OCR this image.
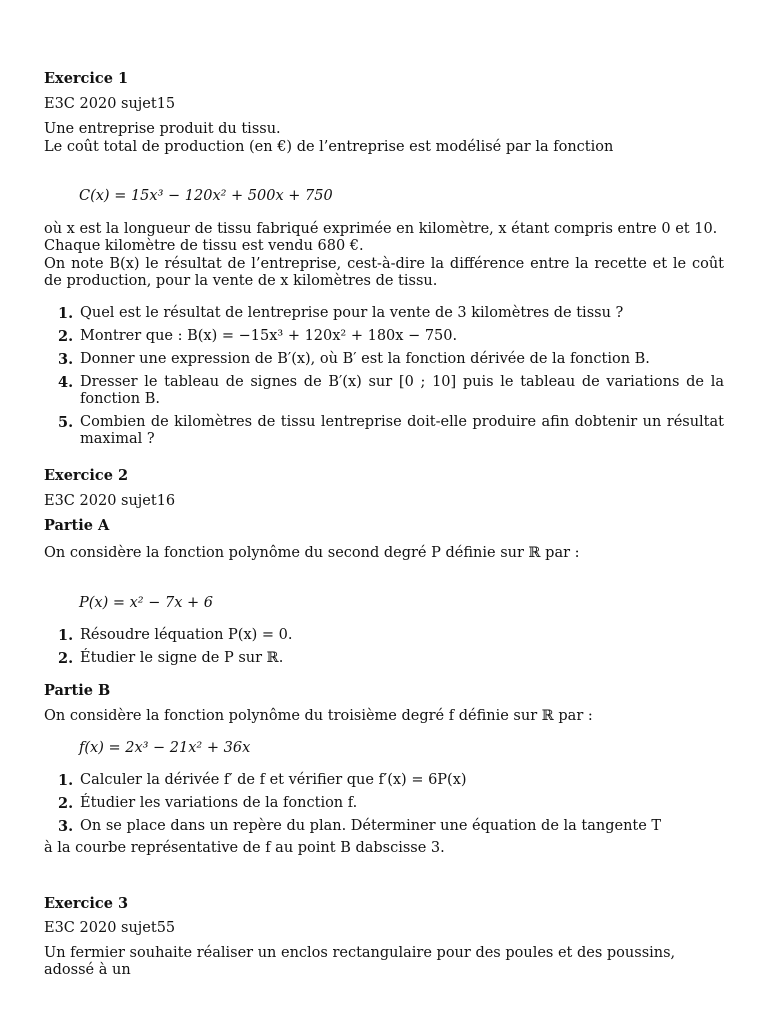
Exercice 1

E3C 2020 sujet15

Une entreprise produit du tissu.

Le coût total de production (en €) de l’entreprise est modélisé par la fonction

C(x) = 15x³ − 120x² + 500x + 750

où x est la longueur de tissu fabriqué exprimée en kilomètre, x étant compris entre 0 et 10.

Chaque kilomètre de tissu est vendu 680 €.

On note B(x) le résultat de l’entreprise, cest-à-dire la différence entre la recette et le coût de production, pour la vente de x kilomètres de tissu.

1. Quel est le résultat de lentreprise pour la vente de 3 kilomètres de tissu ?
2. Montrer que : B(x) = −15x³ + 120x² + 180x − 750.
3. Donner une expression de B′(x), où B′ est la fonction dérivée de la fonction B.
4. Dresser le tableau de signes de B′(x) sur [0 ; 10] puis le tableau de variations de la fonction B.
5. Combien de kilomètres de tissu lentreprise doit-elle produire afin dobtenir un résultat maximal ?

Exercice 2

E3C 2020 sujet16

Partie A

On considère la fonction polynôme du second degré P définie sur ℝ par :

P(x) = x² − 7x + 6

1. Résoudre léquation P(x) = 0.
2. Étudier le signe de P sur ℝ.

Partie B

On considère la fonction polynôme du troisième degré f définie sur ℝ par :

f(x) = 2x³ − 21x² + 36x

1. Calculer la dérivée f′ de f et vérifier que f′(x) = 6P(x)
2. Étudier les variations de la fonction f.
3. On se place dans un repère du plan. Déterminer une équation de la tangente T

à la courbe représentative de f au point B dabscisse 3.

Exercice 3

E3C 2020 sujet55

Un fermier souhaite réaliser un enclos rectangulaire pour des poules et des poussins, adossé à un
